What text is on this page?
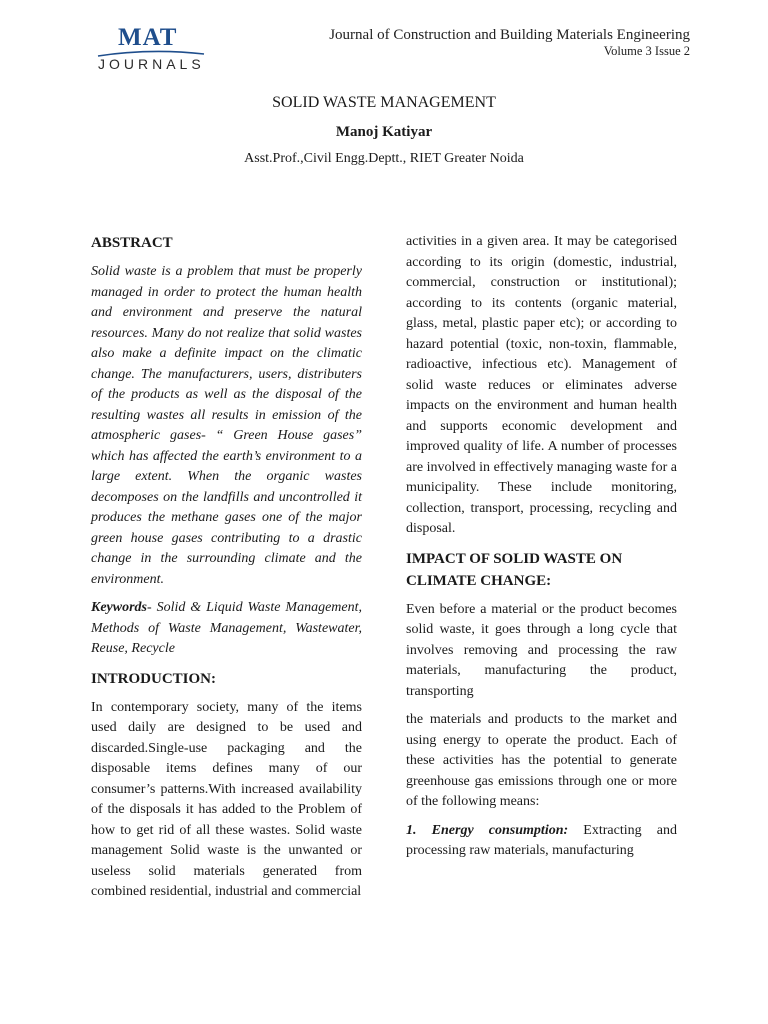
MAT
JOURNALS
Journal of Construction and Building Materials Engineering
Volume 3 Issue 2
SOLID WASTE MANAGEMENT
Manoj Katiyar
Asst.Prof.,Civil Engg.Deptt., RIET Greater Noida
ABSTRACT
Solid waste is a problem that must be properly managed in order to protect the human health and environment and preserve the natural resources. Many do not realize that solid wastes also make a definite impact on the climatic change. The manufacturers, users, distributers of the products as well as the disposal of the resulting wastes all results in emission of the atmospheric gases- “ Green House gases” which has affected the earth’s environment to a large extent. When the organic wastes decomposes on the landfills and uncontrolled it produces the methane gases one of the major green house gases contributing to a drastic change in the surrounding climate and the environment.
Keywords- Solid & Liquid Waste Management, Methods of Waste Management, Wastewater, Reuse, Recycle
INTRODUCTION:
In contemporary society, many of the items used daily are designed to be used and discarded.Single-use packaging and the disposable items defines many of our consumer’s patterns.With increased availability of the disposals it has added to the Problem of how to get rid of all these wastes. Solid waste management Solid waste is the unwanted or useless solid materials generated from combined residential, industrial and commercial
activities in a given area. It may be categorised according to its origin (domestic, industrial, commercial, construction or institutional); according to its contents (organic material, glass, metal, plastic paper etc); or according to hazard potential (toxic, non-toxin, flammable, radioactive, infectious etc). Management of solid waste reduces or eliminates adverse impacts on the environment and human health and supports economic development and improved quality of life. A number of processes are involved in effectively managing waste for a municipality. These include monitoring, collection, transport, processing, recycling and disposal.
IMPACT OF SOLID WASTE ON CLIMATE CHANGE:
Even before a material or the product becomes solid waste, it goes through a long cycle that involves removing and processing the raw materials, manufacturing the product, transporting
the materials and products to the market and using energy to operate the product. Each of these activities has the potential to generate greenhouse gas emissions through one or more of the following means:
1. Energy consumption: Extracting and processing raw materials, manufacturing
